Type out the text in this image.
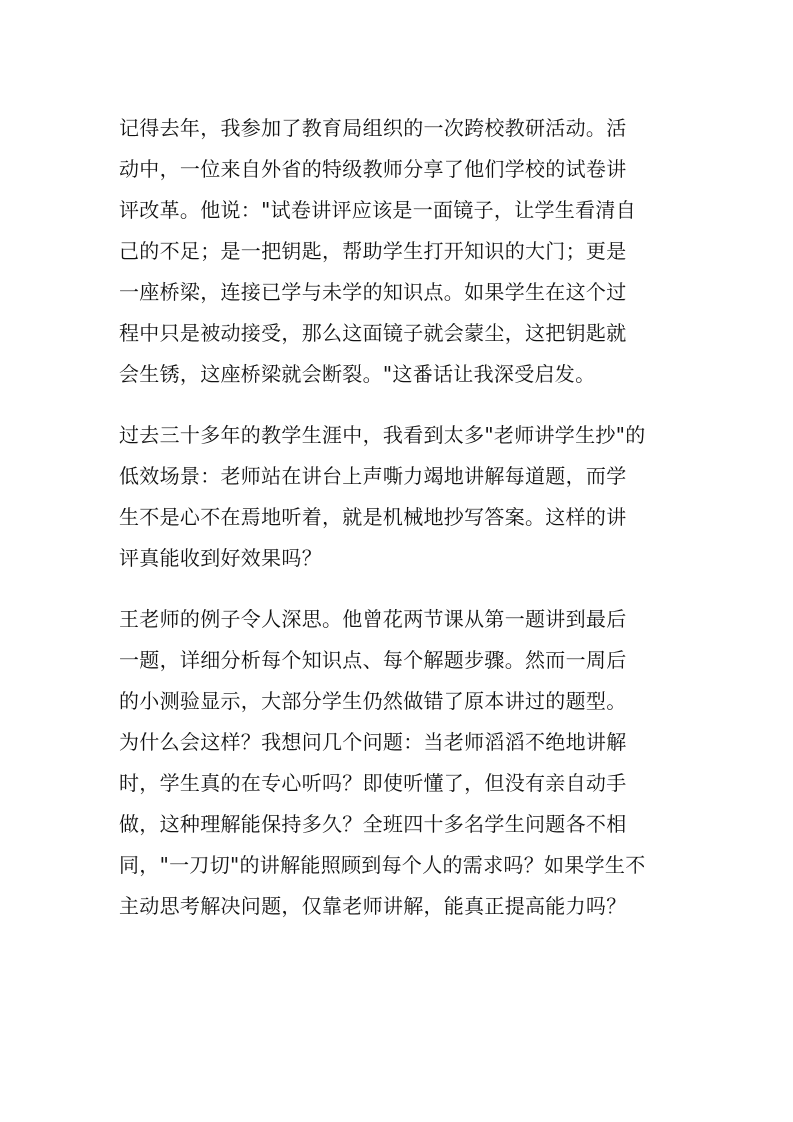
记得去年，我参加了教育局组织的一次跨校教研活动。活
动中，一位来自外省的特级教师分享了他们学校的试卷讲
评改革。他说："试卷讲评应该是一面镜子，让学生看清自
己的不足；是一把钥匙，帮助学生打开知识的大门；更是
一座桥梁，连接已学与未学的知识点。如果学生在这个过
程中只是被动接受，那么这面镜子就会蒙尘，这把钥匙就
会生锈，这座桥梁就会断裂。"这番话让我深受启发。

过去三十多年的教学生涯中，我看到太多"老师讲学生抄"的
低效场景：老师站在讲台上声嘶力竭地讲解每道题，而学
生不是心不在焉地听着，就是机械地抄写答案。这样的讲
评真能收到好效果吗？

王老师的例子令人深思。他曾花两节课从第一题讲到最后
一题，详细分析每个知识点、每个解题步骤。然而一周后
的小测验显示，大部分学生仍然做错了原本讲过的题型。
为什么会这样？我想问几个问题：当老师滔滔不绝地讲解
时，学生真的在专心听吗？即使听懂了，但没有亲自动手
做，这种理解能保持多久？全班四十多名学生问题各不相
同，"一刀切"的讲解能照顾到每个人的需求吗？如果学生不
主动思考解决问题，仅靠老师讲解，能真正提高能力吗？
